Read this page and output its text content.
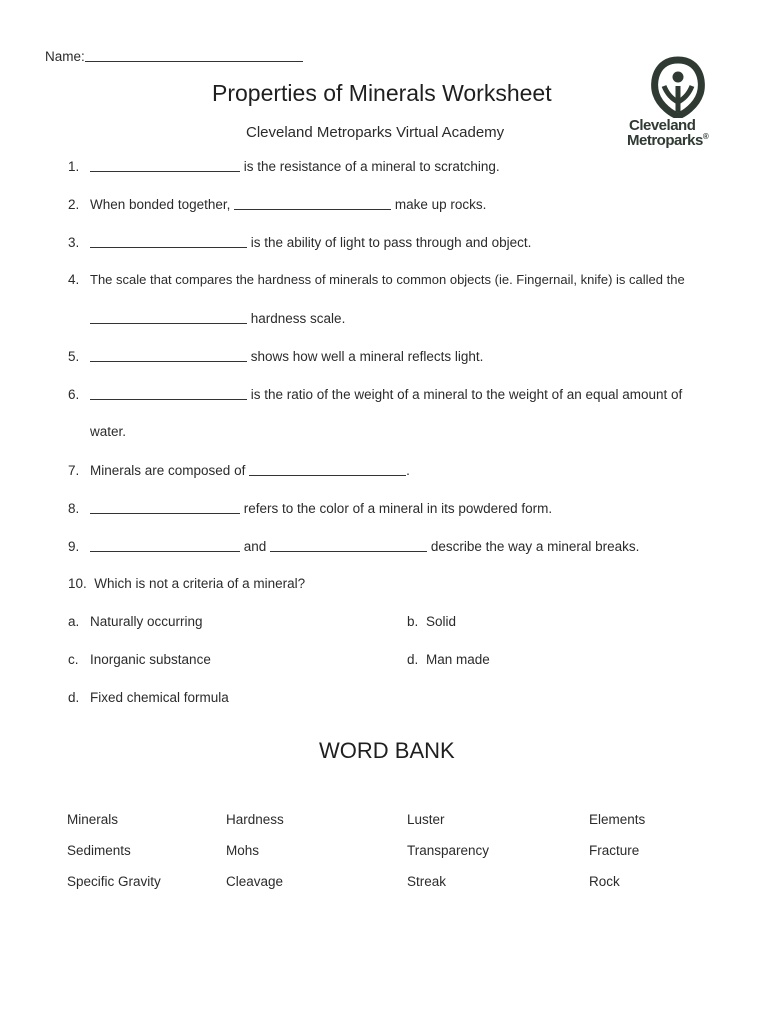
Name:
Properties of Minerals Worksheet
Cleveland Metroparks Virtual Academy	Cleveland
Metroparks®
1.	is the resistance of a mineral to scratching.
2. When bonded together,	make up rocks.
3.	is the ability of light to pass through and object.
4. The scale that compares the hardness of minerals to common objects (ie. Fingernail, knife) is called the
hardness scale.
5.	shows how well a mineral reflects light.
6.	is the ratio of the weight of a mineral to the weight of an equal amount of
water.
7. Minerals are composed of	.
8.	refers to the color of a mineral in its powdered form.
9.	and	describe the way a mineral breaks.
10. Which is not a criteria of a mineral?
a. Naturally occurring	b. Solid
c. Inorganic substance	d. Man made
d. Fixed chemical formula
WORD BANK
Minerals	Hardness	Luster	Elements
Sediments	Mohs	Transparency	Fracture
Specific Gravity	Cleavage	Streak	Rock
